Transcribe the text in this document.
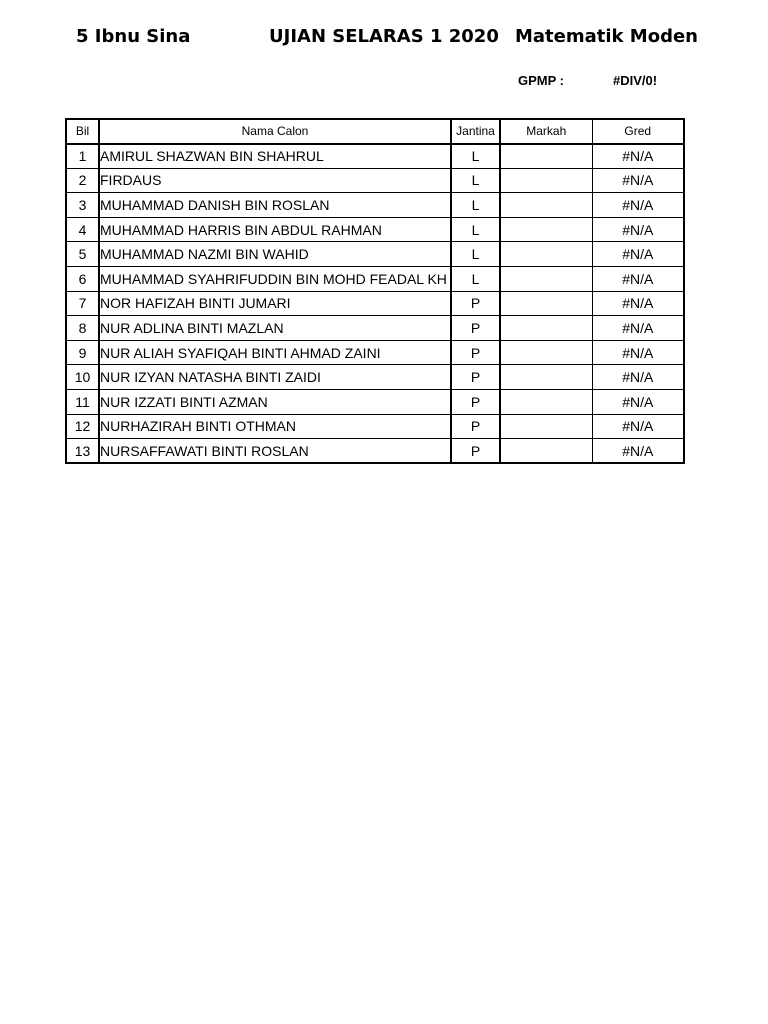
5 Ibnu Sina	UJIAN SELARAS 1 2020 Matematik Moden
GPMP :	#DIV/0!
Bil	Nama Calon	Jantina	Markah	Gred
1	AMIRUL SHAZWAN BIN SHAHRUL	L		#N/A
2	FIRDAUS	L		#N/A
3	MUHAMMAD DANISH BIN ROSLAN	L		#N/A
4	MUHAMMAD HARRIS BIN ABDUL RAHMAN	L		#N/A
5	MUHAMMAD NAZMI BIN WAHID	L		#N/A
6	MUHAMMAD SYAHRIFUDDIN BIN MOHD FEADAL KH	L		#N/A
7	NOR HAFIZAH BINTI JUMARI	P		#N/A
8	NUR ADLINA BINTI MAZLAN	P		#N/A
9	NUR ALIAH SYAFIQAH BINTI AHMAD ZAINI	P		#N/A
10	NUR IZYAN NATASHA BINTI ZAIDI	P		#N/A
11	NUR IZZATI BINTI AZMAN	P		#N/A
12	NURHAZIRAH BINTI OTHMAN	P		#N/A
13	NURSAFFAWATI BINTI ROSLAN	P		#N/A
